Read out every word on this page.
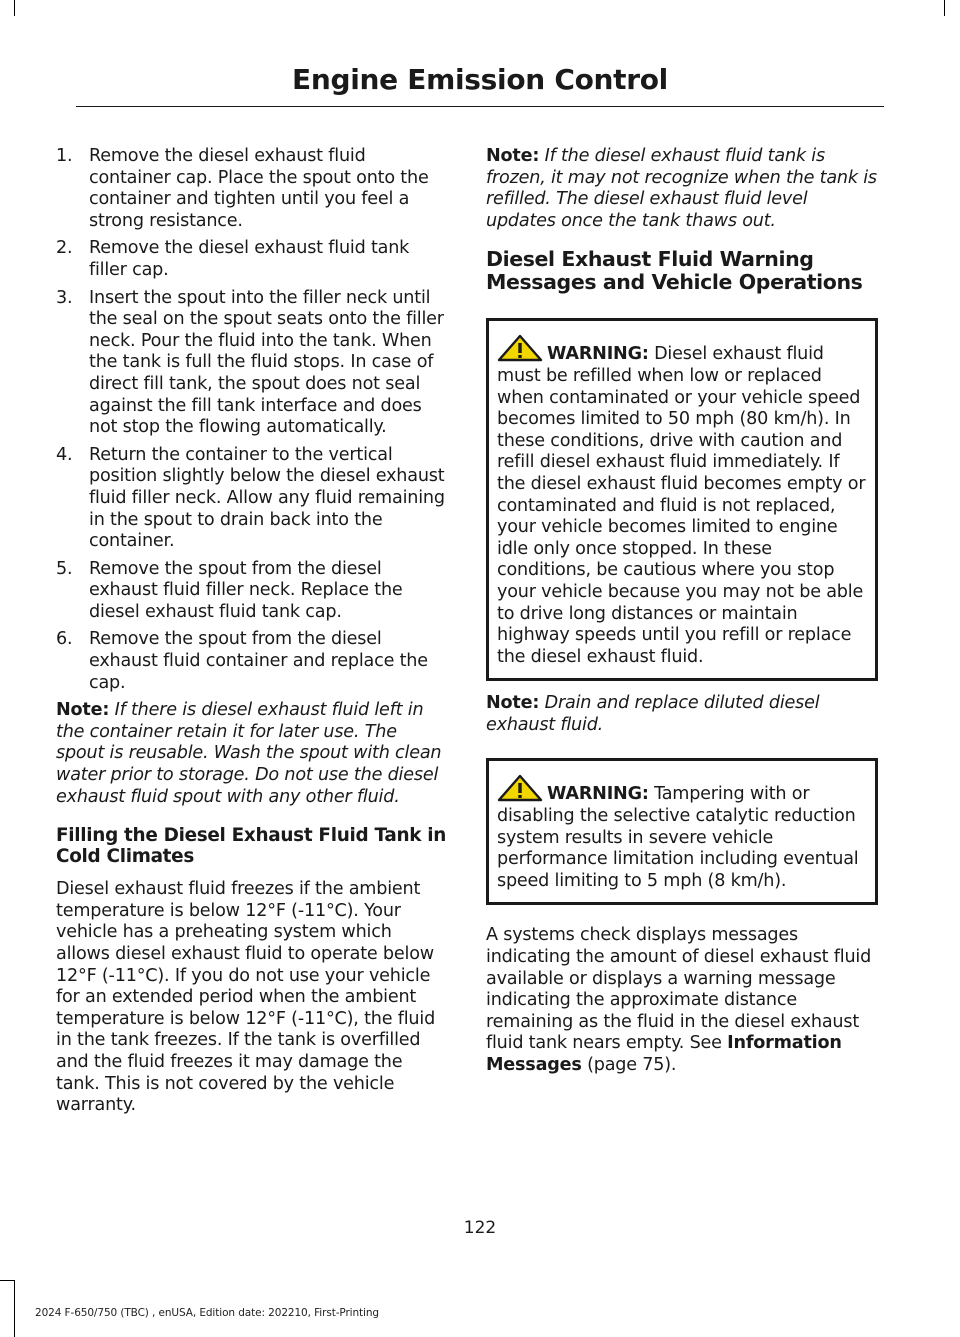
Engine Emission Control
1. Remove the diesel exhaust fluid container cap. Place the spout onto the container and tighten until you feel a strong resistance.
2. Remove the diesel exhaust fluid tank filler cap.
3. Insert the spout into the filler neck until the seal on the spout seats onto the filler neck. Pour the fluid into the tank. When the tank is full the fluid stops. In case of direct fill tank, the spout does not seal against the fill tank interface and does not stop the flowing automatically.
4. Return the container to the vertical position slightly below the diesel exhaust fluid filler neck. Allow any fluid remaining in the spout to drain back into the container.
5. Remove the spout from the diesel exhaust fluid filler neck. Replace the diesel exhaust fluid tank cap.
6. Remove the spout from the diesel exhaust fluid container and replace the cap.

Note: If there is diesel exhaust fluid left in the container retain it for later use. The spout is reusable. Wash the spout with clean water prior to storage. Do not use the diesel exhaust fluid spout with any other fluid.

Filling the Diesel Exhaust Fluid Tank in Cold Climates

Diesel exhaust fluid freezes if the ambient temperature is below 12°F (-11°C). Your vehicle has a preheating system which allows diesel exhaust fluid to operate below 12°F (-11°C). If you do not use your vehicle for an extended period when the ambient temperature is below 12°F (-11°C), the fluid in the tank freezes. If the tank is overfilled and the fluid freezes it may damage the tank. This is not covered by the vehicle warranty.

Note: If the diesel exhaust fluid tank is frozen, it may not recognize when the tank is refilled. The diesel exhaust fluid level updates once the tank thaws out.

Diesel Exhaust Fluid Warning Messages and Vehicle Operations
WARNING: Diesel exhaust fluid must be refilled when low or replaced when contaminated or your vehicle speed becomes limited to 50 mph (80 km/h). In these conditions, drive with caution and refill diesel exhaust fluid immediately. If the diesel exhaust fluid becomes empty or contaminated and fluid is not replaced, your vehicle becomes limited to engine idle only once stopped. In these conditions, be cautious where you stop your vehicle because you may not be able to drive long distances or maintain highway speeds until you refill or replace the diesel exhaust fluid.

Note: Drain and replace diluted diesel exhaust fluid.

WARNING: Tampering with or disabling the selective catalytic reduction system results in severe vehicle performance limitation including eventual speed limiting to 5 mph (8 km/h).

A systems check displays messages indicating the amount of diesel exhaust fluid available or displays a warning message indicating the approximate distance remaining as the fluid in the diesel exhaust fluid tank nears empty. See Information Messages (page 75).

122
2024 F-650/750 (TBC) , enUSA, Edition date: 202210, First-Printing
